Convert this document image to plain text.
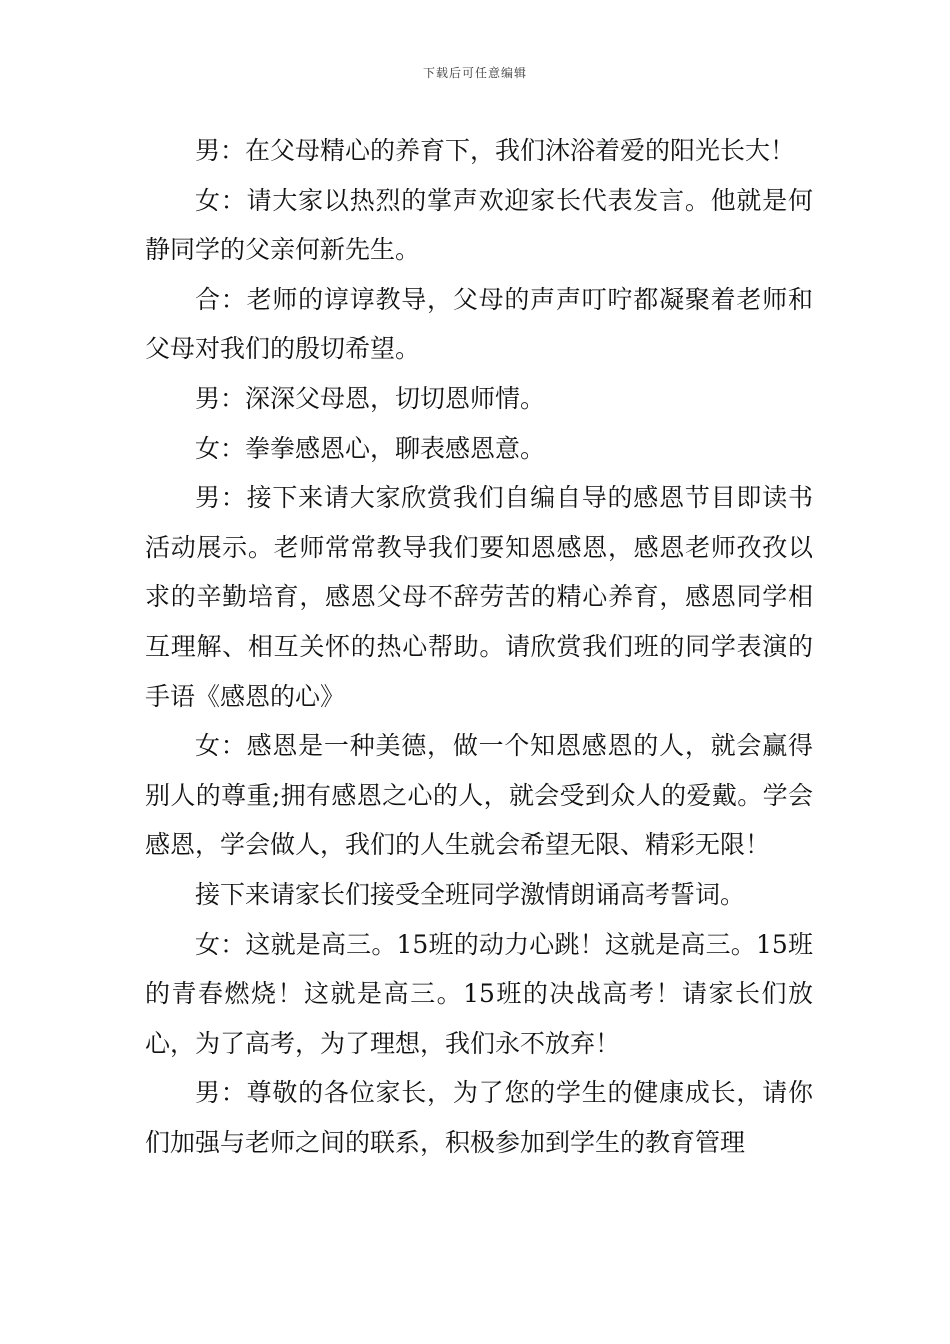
下载后可任意编辑

男：在父母精心的养育下，我们沐浴着爱的阳光长大！

女：请大家以热烈的掌声欢迎家长代表发言。他就是何静同学的父亲何新先生。

合：老师的谆谆教导，父母的声声叮咛都凝聚着老师和父母对我们的殷切希望。

男：深深父母恩，切切恩师情。

女：拳拳感恩心，聊表感恩意。

男：接下来请大家欣赏我们自编自导的感恩节目即读书活动展示。老师常常教导我们要知恩感恩，感恩老师孜孜以求的辛勤培育，感恩父母不辞劳苦的精心养育，感恩同学相互理解、相互关怀的热心帮助。请欣赏我们班的同学表演的手语《感恩的心》

女：感恩是一种美德，做一个知恩感恩的人，就会赢得别人的尊重;拥有感恩之心的人，就会受到众人的爱戴。学会感恩，学会做人，我们的人生就会希望无限、精彩无限！

接下来请家长们接受全班同学激情朗诵高考誓词。

女：这就是高三。15班的动力心跳！这就是高三。15班的青春燃烧！这就是高三。15班的决战高考！请家长们放心，为了高考，为了理想，我们永不放弃！

男：尊敬的各位家长，为了您的学生的健康成长，请你们加强与老师之间的联系，积极参加到学生的教育管理
